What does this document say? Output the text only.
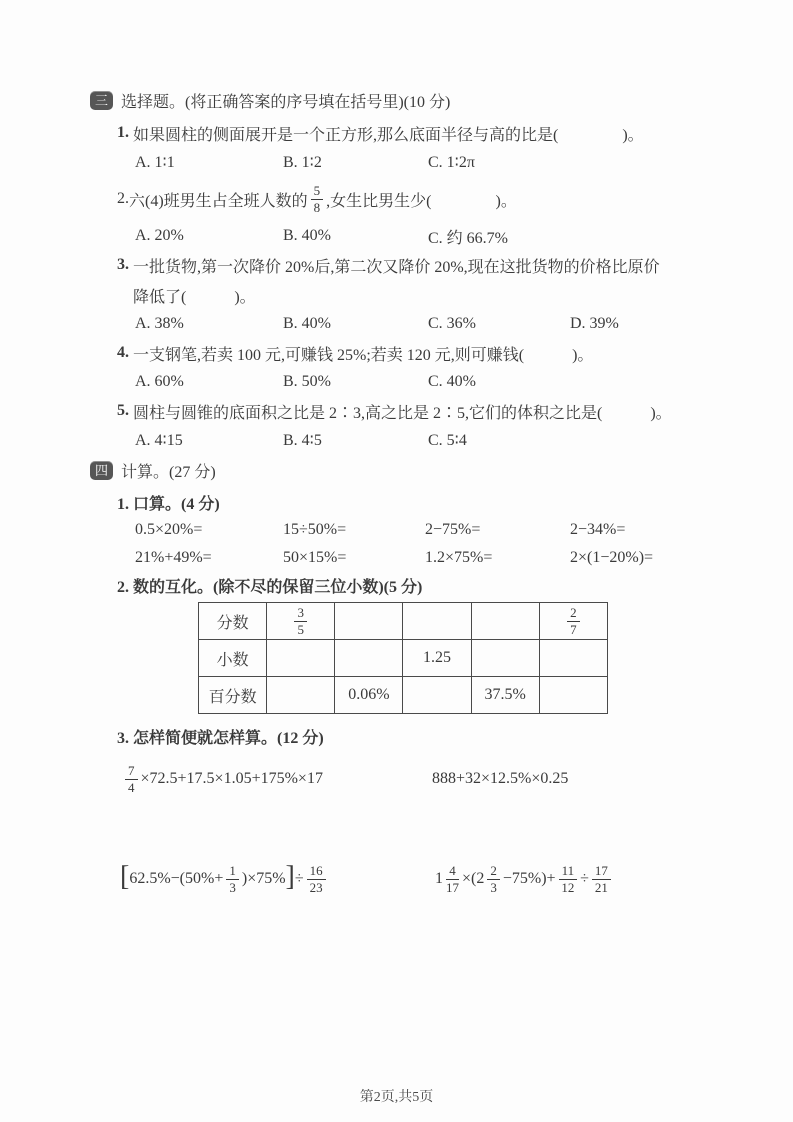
三 选择题。(将正确答案的序号填在括号里)(10 分)
1. 如果圆柱的侧面展开是一个正方形,那么底面半径与高的比是(　　　　)。
A. 1∶1	B. 1∶2	C. 1∶2π
2. 六(4)班男生占全班人数的 $\frac{5}{8}$ ,女生比男生少(　　　　)。
A. 20%	B. 40%	C. 约 66.7%
3. 一批货物,第一次降价 20%后,第二次又降价 20%,现在这批货物的价格比原价
降低了(　　　)。
A. 38%	B. 40%	C. 36%	D. 39%
4. 一支钢笔,若卖 100 元,可赚钱 25%;若卖 120 元,则可赚钱(　　　)。
A. 60%	B. 50%	C. 40%
5. 圆柱与圆锥的底面积之比是 2∶3,高之比是 2∶5,它们的体积之比是(　　　)。
A. 4∶15	B. 4∶5	C. 5∶4
四 计算。(27 分)
1. 口算。(4 分)
0.5×20%=	15÷50%=	2−75%=	2−34%=
21%+49%=	50×15%=	1.2×75%=	2×(1−20%)=
2. 数的互化。(除不尽的保留三位小数)(5 分)
分数	$\frac{3}{5}$				$\frac{2}{7}$

小数			1.25		
百分数		0.06%		37.5%	
3. 怎样简便就怎样算。(12 分)
$\frac{7}{4} \times 72.5+17.5\times 1.05+175\%\times 17$	888+32×12.5%×0.25
[ $62.5\%-(50\%+ \frac{1}{3} )\times 75\%$ ] ÷ $\frac{16}{23}$	$1 \frac{4}{17} \times(2 \frac{2}{3} -75\%)+ \frac{11}{12} \div \frac{17}{21}$
第2页,共5页
